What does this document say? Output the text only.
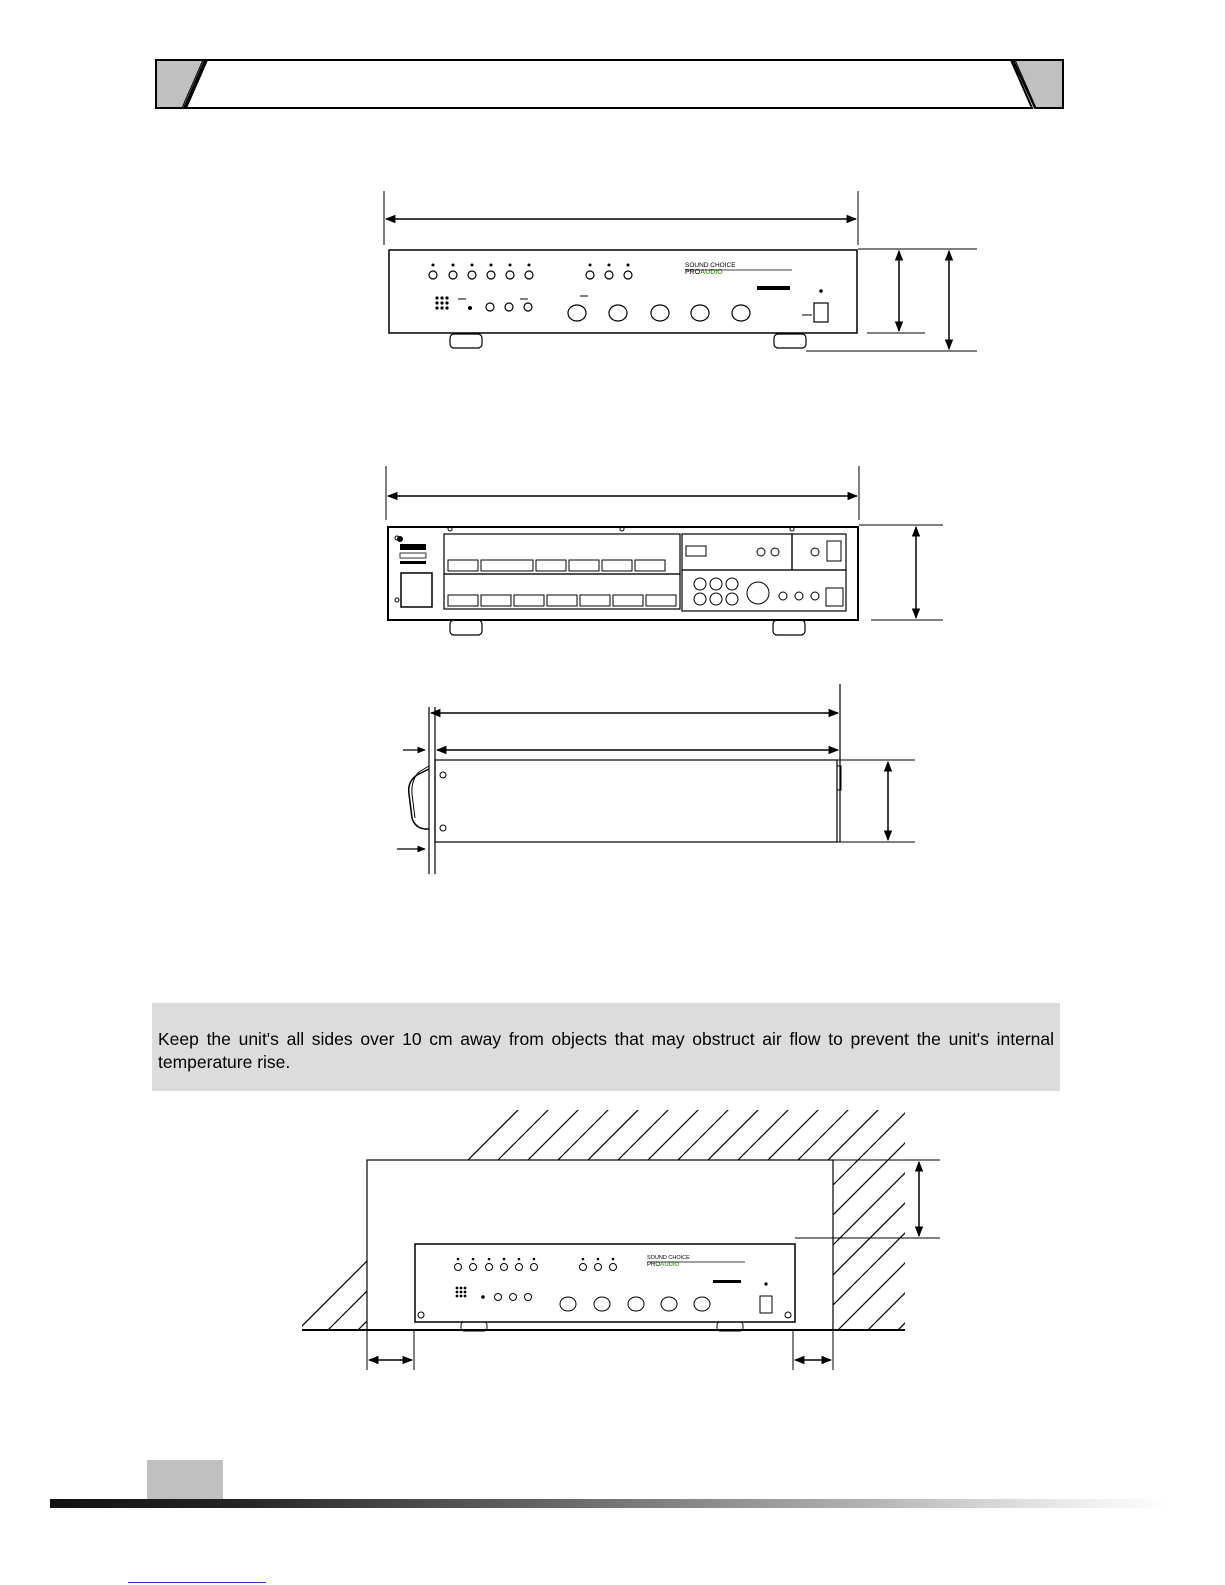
SOUND CHOICE
PROAUDIO

Keep the unit's all sides over 10 cm away from objects that may obstruct air flow to prevent the unit's internal temperature rise.

SOUND CHOICE
PROAUDIO
